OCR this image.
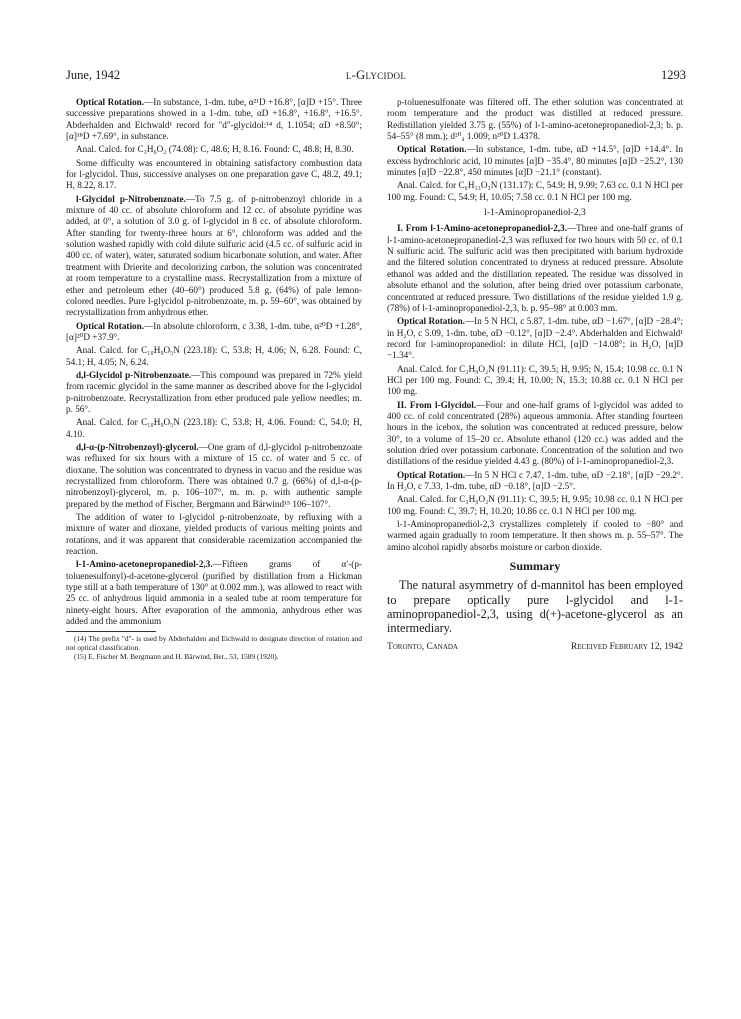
June, 1942	l-Glycidol	1293
Optical Rotation.—In substance, 1-dm. tube, α²¹D +16.8°, [α]D +15°. Three successive preparations showed in a 1-dm. tube, αD +16.8°, +16.8°, +16.5°. Abderhalden and Eichwald¹ record for "d"-glycidol:¹⁴ d, 1.1054; αD +8.50°; [α]¹⁸D +7.69°, in substance.
Anal. Calcd. for C₃H₆O₂ (74.08): C, 48.6; H, 8.16. Found: C, 48.8; H, 8.30.
Some difficulty was encountered in obtaining satisfactory combustion data for l-glycidol. Thus, successive analyses on one preparation gave C, 48.2, 49.1; H, 8.22, 8.17.
l-Glycidol p-Nitrobenzoate.—To 7.5 g. of p-nitrobenzoyl chloride in a mixture of 40 cc. of absolute chloroform and 12 cc. of absolute pyridine was added, at 0°, a solution of 3.0 g. of l-glycidol in 8 cc. of absolute chloroform. After standing for twenty-three hours at 6°, chloroform was added and the solution washed rapidly with cold dilute sulfuric acid (4.5 cc. of sulfuric acid in 400 cc. of water), water, saturated sodium bicarbonate solution, and water. After treatment with Drierite and decolorizing carbon, the solution was concentrated at room temperature to a crystalline mass. Recrystallization from a mixture of ether and petroleum ether (40–60°) produced 5.8 g. (64%) of pale lemon-colored needles. Pure l-glycidol p-nitrobenzoate, m. p. 59–60°, was obtained by recrystallization from anhydrous ether.
Optical Rotation.—In absolute chloroform, c 3.38, 1-dm. tube, α²⁰D +1.28°, [α]²⁰D +37.9°.
Anal. Calcd. for C₁₀H₉O₅N (223.18): C, 53.8; H, 4.06; N, 6.28. Found: C, 54.1; H, 4.05; N, 6.24.
d,l-Glycidol p-Nitrobenzoate.—This compound was prepared in 72% yield from racemic glycidol in the same manner as described above for the l-glycidol p-nitrobenzoate. Recrystallization from ether produced pale yellow needles; m. p. 56°.
Anal. Calcd. for C₁₀H₉O₅N (223.18): C, 53.8; H, 4.06. Found: C, 54.0; H, 4.10.
d,l-α-(p-Nitrobenzoyl)-glycerol.—One gram of d,l-glycidol p-nitrobenzoate was refluxed for six hours with a mixture of 15 cc. of water and 5 cc. of dioxane. The solution was concentrated to dryness in vacuo and the residue was recrystallized from chloroform. There was obtained 0.7 g. (66%) of d,l-α-(p-nitrobenzoyl)-glycerol, m. p. 106–107°, m. m. p. with authentic sample prepared by the method of Fischer, Bergmann and Bärwind¹⁵ 106–107°.
The addition of water to l-glycidol p-nitrobenzoate, by refluxing with a mixture of water and dioxane, yielded products of various melting points and rotations, and it was apparent that considerable racemization accompanied the reaction.
l-1-Amino-acetonepropanediol-2,3.—Fifteen grams of α′-(p-toluenesulfonyl)-d-acetone-glycerol (purified by distillation from a Hickman type still at a bath temperature of 130° at 0.002 mm.), was allowed to react with 25 cc. of anhydrous liquid ammonia in a sealed tube at room temperature for ninety-eight hours. After evaporation of the ammonia, anhydrous ether was added and the ammonium
(14) The prefix "d"- is used by Abderhalden and Eichwald to designate direction of rotation and not optical classification.
(15) E. Fischer M. Bergmann and H. Bärwind, Ber., 53, 1589 (1920).
p-toluenesulfonate was filtered off. The ether solution was concentrated at room temperature and the product was distilled at reduced pressure. Redistillation yielded 3.75 g. (55%) of l-1-amino-acetonepropanediol-2,3; b. p. 54–55° (8 mm.); d²⁰₄ 1.009; n²⁰D 1.4378.
Optical Rotation.—In substance, 1-dm. tube, αD +14.5°, [α]D +14.4°. In excess hydrochloric acid, 10 minutes [α]D −35.4°, 80 minutes [α]D −25.2°, 130 minutes [α]D −22.8°, 450 minutes [α]D −21.1° (constant).
Anal. Calcd. for C₆H₁₃O₃N (131.17): C, 54.9; H, 9.99; 7.63 cc. 0.1 N HCl per 100 mg. Found: C, 54.9; H, 10.05; 7.58 cc. 0.1 N HCl per 100 mg.
l-1-Aminopropanediol-2,3
I. From l-1-Amino-acetonepropanediol-2,3.—Three and one-half grams of l-1-amino-acetonepropanediol-2,3 was refluxed for two hours with 50 cc. of 0.1 N sulfuric acid. The sulfuric acid was then precipitated with barium hydroxide and the filtered solution concentrated to dryness at reduced pressure. Absolute ethanol was added and the distillation repeated. The residue was dissolved in absolute ethanol and the solution, after being dried over potassium carbonate, concentrated at reduced pressure. Two distillations of the residue yielded 1.9 g. (78%) of l-1-aminopropanediol-2,3, b. p. 95–98° at 0.003 mm.
Optical Rotation.—In 5 N HCl, c 5.87, 1-dm. tube, αD −1.67°, [α]D −28.4°; in H₂O, c 5.09, 1-dm. tube, αD −0.12°, [α]D −2.4°. Abderhalden and Eichwald¹ record for l-aminopropanediol: in dilute HCl, [α]D −14.08°; in H₂O, [α]D −1.34°.
Anal. Calcd. for C₃H₉O₂N (91.11): C, 39.5; H, 9.95; N, 15.4; 10.98 cc. 0.1 N HCl per 100 mg. Found: C, 39.4; H, 10.00; N, 15.3; 10.88 cc. 0.1 N HCl per 100 mg.
II. From l-Glycidol.—Four and one-half grams of l-glycidol was added to 400 cc. of cold concentrated (28%) aqueous ammonia. After standing fourteen hours in the icebox, the solution was concentrated at reduced pressure, below 30°, to a volume of 15–20 cc. Absolute ethanol (120 cc.) was added and the solution dried over potassium carbonate. Concentration of the solution and two distillations of the residue yielded 4.43 g. (80%) of l-1-aminopropanediol-2,3.
Optical Rotation.—In 5 N HCl c 7.47, 1-dm. tube, αD −2.18°, [α]D −29.2°. In H₂O, c 7.33, 1-dm. tube, αD −0.18°, [α]D −2.5°.
Anal. Calcd. for C₃H₉O₂N (91.11): C, 39.5; H, 9.95; 10.98 cc. 0.1 N HCl per 100 mg. Found: C, 39.7; H, 10.20; 10.86 cc. 0.1 N HCl per 100 mg.
l-1-Aminopropanediol-2,3 crystallizes completely if cooled to −80° and warmed again gradually to room temperature. It then shows m. p. 55–57°. The amino alcohol rapidly absorbs moisture or carbon dioxide.
Summary
The natural asymmetry of d-mannitol has been employed to prepare optically pure l-glycidol and l-1-aminopropanediol-2,3, using d(+)-acetone-glycerol as an intermediary.
Toronto, Canada	Received February 12, 1942
